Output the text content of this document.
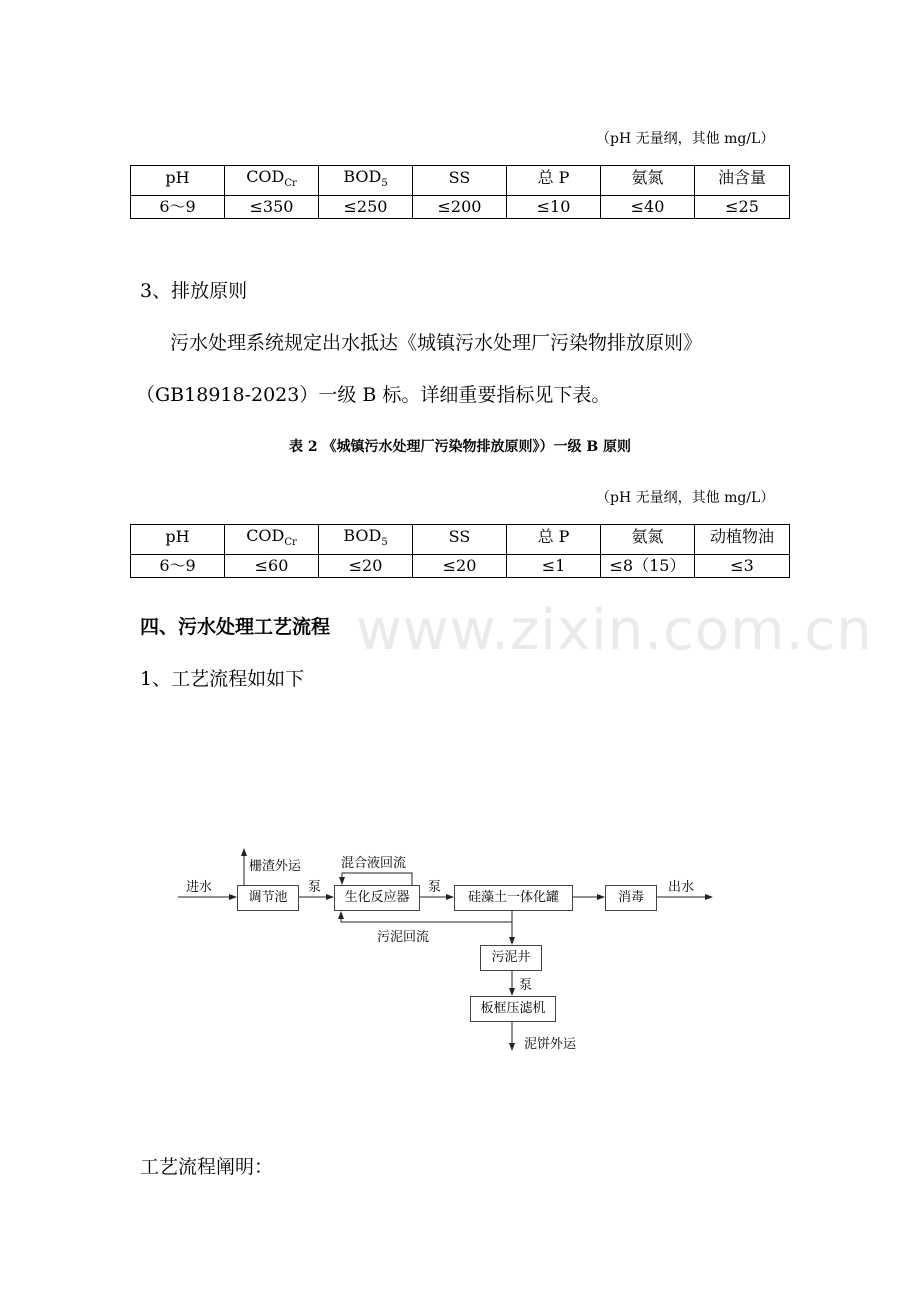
（pH 无量纲，其他 mg/L）
pH	$COD_{Cr}$	$BOD_5$	SS	总 P	氨氮	油含量
6～9	≤350	≤250	≤200	≤10	≤40	≤25
3、排放原则
污水处理系统规定出水抵达《城镇污水处理厂污染物排放原则》
（GB18918-2023）一级 B 标。详细重要指标见下表。
表 2 《城镇污水处理厂污染物排放原则》）一级 B 原则
（pH 无量纲，其他 mg/L）
pH	$COD_{Cr}$	$BOD_5$	SS	总 P	氨氮	动植物油
6～9	≤60	≤20	≤20	≤1	≤8（15）	≤3
四、污水处理工艺流程
1、工艺流程如如下
www.zixin.com.cn
进水
栅渣外运
调节池
泵
混合液回流
生化反应器
泵
硅藻土一体化罐	消毒
出水
污泥回流
污泥井
泵
板框压滤机
泥饼外运
工艺流程阐明：
